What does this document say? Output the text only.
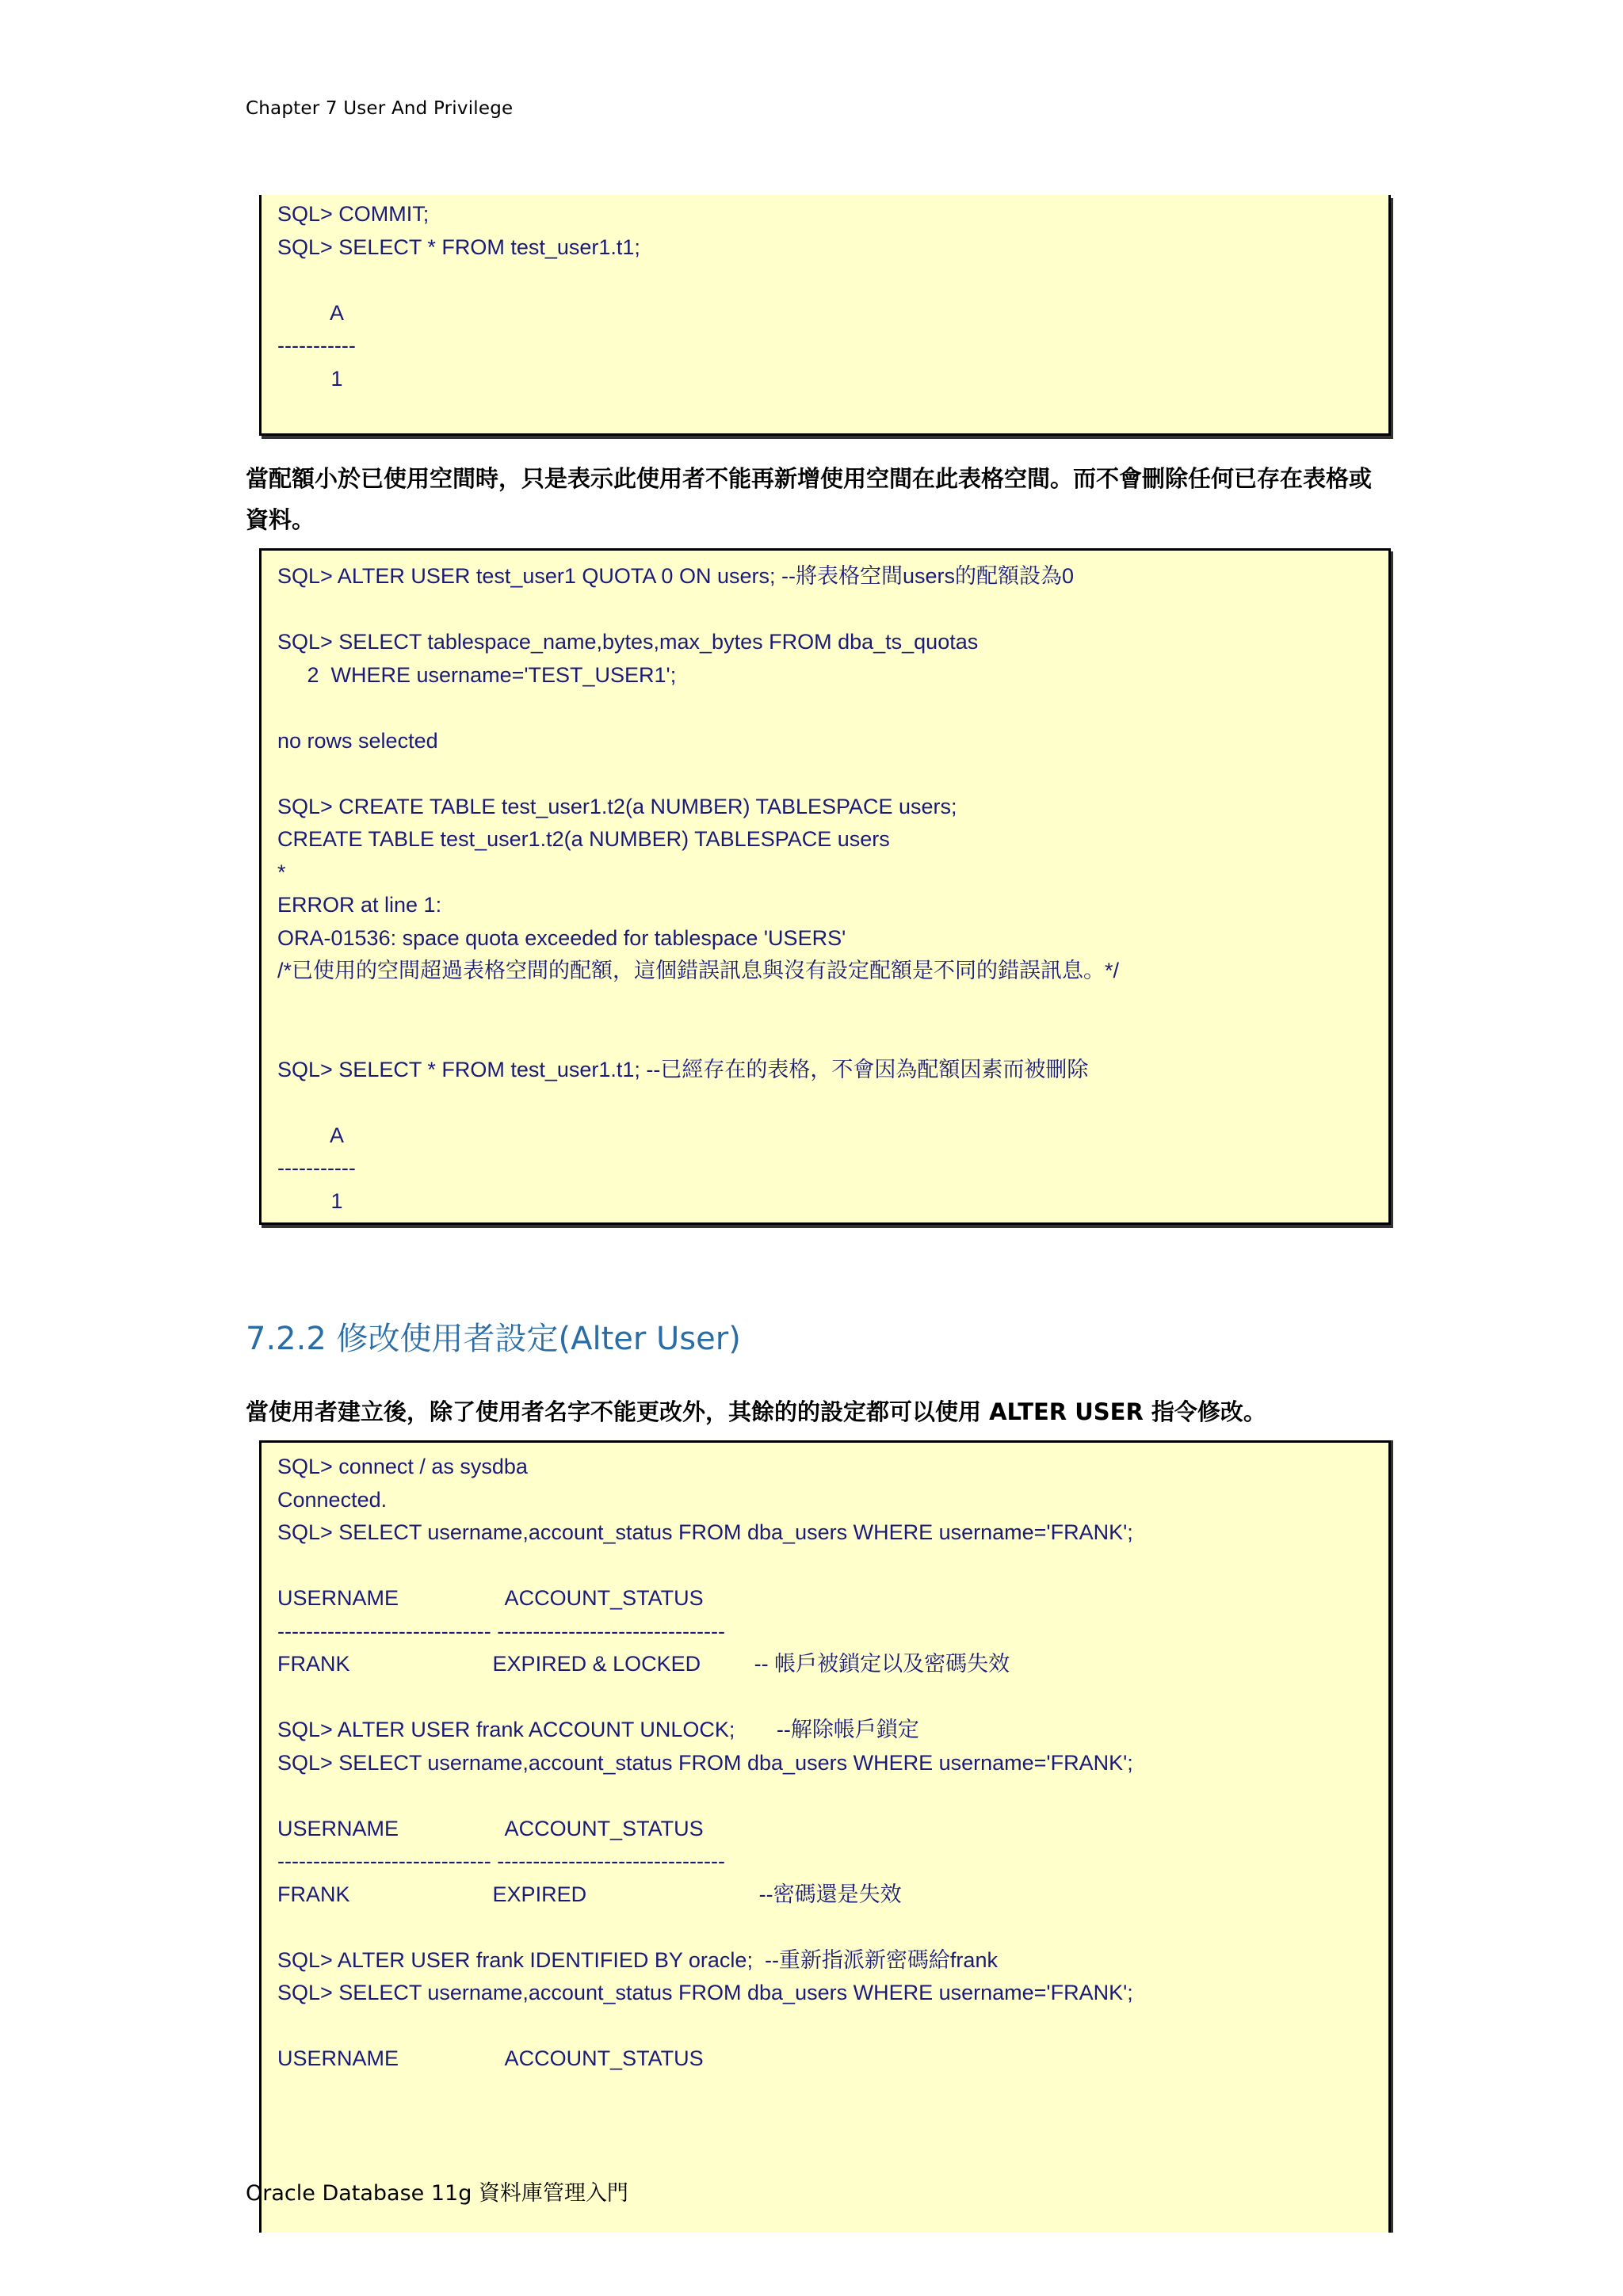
Chapter 7 User And Privilege
SQL> COMMIT;
SQL> SELECT * FROM test_user1.t1;
A
-----------
1
當配額小於已使用空間時，只是表示此使用者不能再新增使用空間在此表格空間。而不會刪除任何已存在表格或資料。
SQL> ALTER USER test_user1 QUOTA 0 ON users; --將表格空間users的配額設為0
SQL> SELECT tablespace_name,bytes,max_bytes FROM dba_ts_quotas
2  WHERE username='TEST_USER1';
no rows selected
SQL> CREATE TABLE test_user1.t2(a NUMBER) TABLESPACE users;
CREATE TABLE test_user1.t2(a NUMBER) TABLESPACE users
*
ERROR at line 1:
ORA-01536: space quota exceeded for tablespace 'USERS'
/*已使用的空間超過表格空間的配額，這個錯誤訊息與沒有設定配額是不同的錯誤訊息。*/
SQL> SELECT * FROM test_user1.t1; --已經存在的表格，不會因為配額因素而被刪除
A
-----------
1
7.2.2 修改使用者設定(Alter User)
當使用者建立後，除了使用者名字不能更改外，其餘的的設定都可以使用 ALTER USER 指令修改。
SQL> connect / as sysdba
Connected.
SQL> SELECT username,account_status FROM dba_users WHERE username='FRANK';
USERNAME                  ACCOUNT_STATUS
------------------------------ --------------------------------
FRANK                        EXPIRED & LOCKED         -- 帳戶被鎖定以及密碼失效
SQL> ALTER USER frank ACCOUNT UNLOCK;       --解除帳戶鎖定
SQL> SELECT username,account_status FROM dba_users WHERE username='FRANK';
USERNAME                  ACCOUNT_STATUS
------------------------------ --------------------------------
FRANK                        EXPIRED                             --密碼還是失效
SQL> ALTER USER frank IDENTIFIED BY oracle;  --重新指派新密碼給frank
SQL> SELECT username,account_status FROM dba_users WHERE username='FRANK';
USERNAME                  ACCOUNT_STATUS
Oracle Database 11g 資料庫管理入門
